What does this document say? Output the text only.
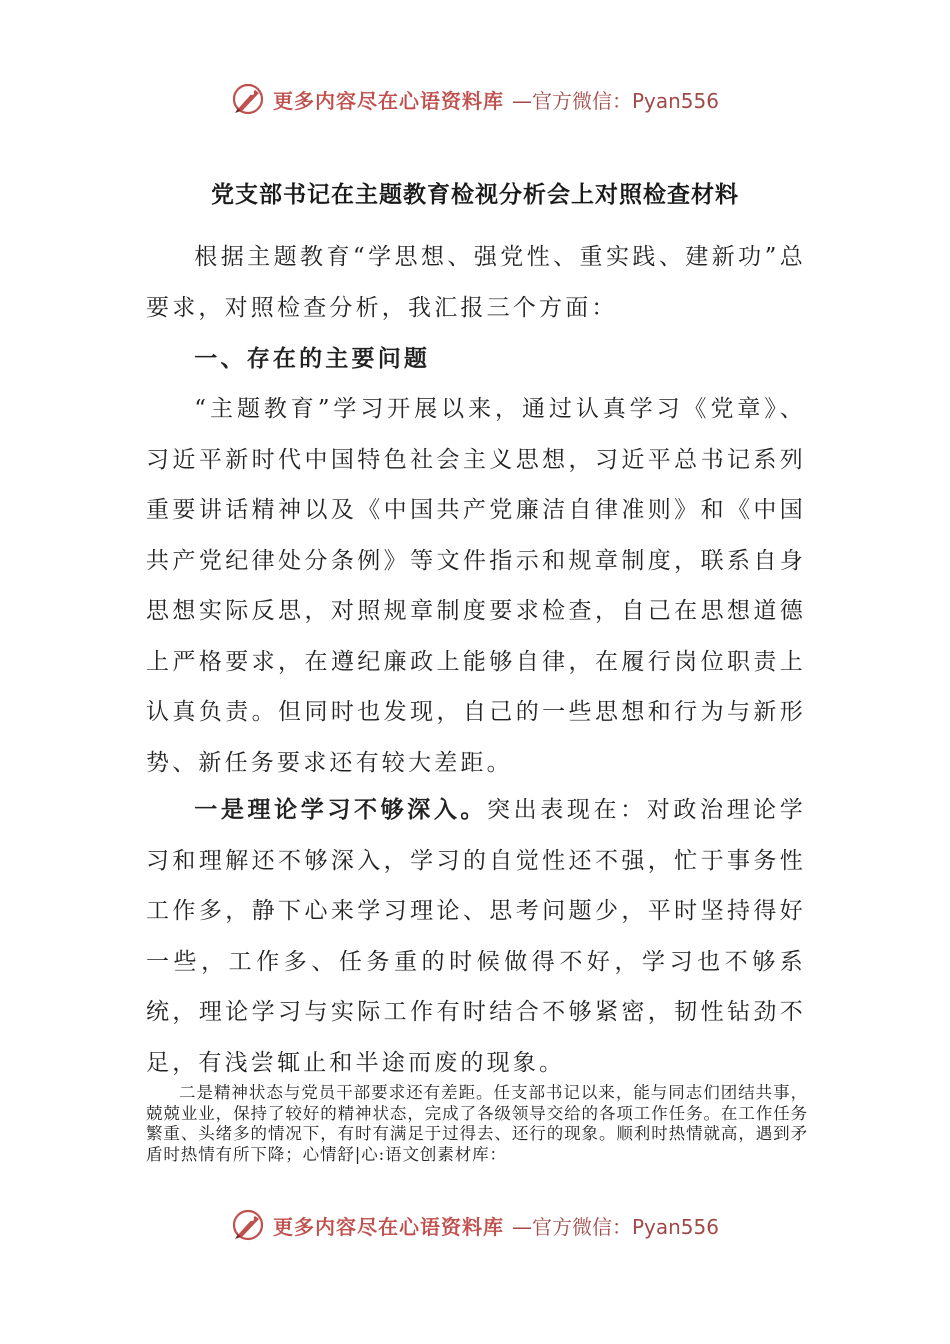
更多内容尽在心语资料库 —官方微信：Pyan556
党支部书记在主题教育检视分析会上对照检查材料

根据主题教育“学思想、强党性、重实践、建新功”总要求，对照检查分析，我汇报三个方面：

一、存在的主要问题

“主题教育”学习开展以来，通过认真学习《党章》、习近平新时代中国特色社会主义思想，习近平总书记系列重要讲话精神以及《中国共产党廉洁自律准则》和《中国共产党纪律处分条例》等文件指示和规章制度，联系自身思想实际反思，对照规章制度要求检查，自己在思想道德上严格要求，在遵纪廉政上能够自律，在履行岗位职责上认真负责。但同时也发现，自己的一些思想和行为与新形势、新任务要求还有较大差距。

一是理论学习不够深入。突出表现在：对政治理论学习和理解还不够深入，学习的自觉性还不强，忙于事务性工作多，静下心来学习理论、思考问题少，平时坚持得好一些，工作多、任务重的时候做得不好，学习也不够系统，理论学习与实际工作有时结合不够紧密，韧性钻劲不足，有浅尝辄止和半途而废的现象。

二是精神状态与党员干部要求还有差距。任支部书记以来，能与同志们团结共事，兢兢业业，保持了较好的精神状态，完成了各级领导交给的各项工作任务。在工作任务繁重、头绪多的情况下，有时有满足于过得去、还行的现象。顺利时热情就高，遇到矛盾时热情有所下降；心情舒|心:语文创素材库：

更多内容尽在心语资料库 —官方微信：Pyan556
